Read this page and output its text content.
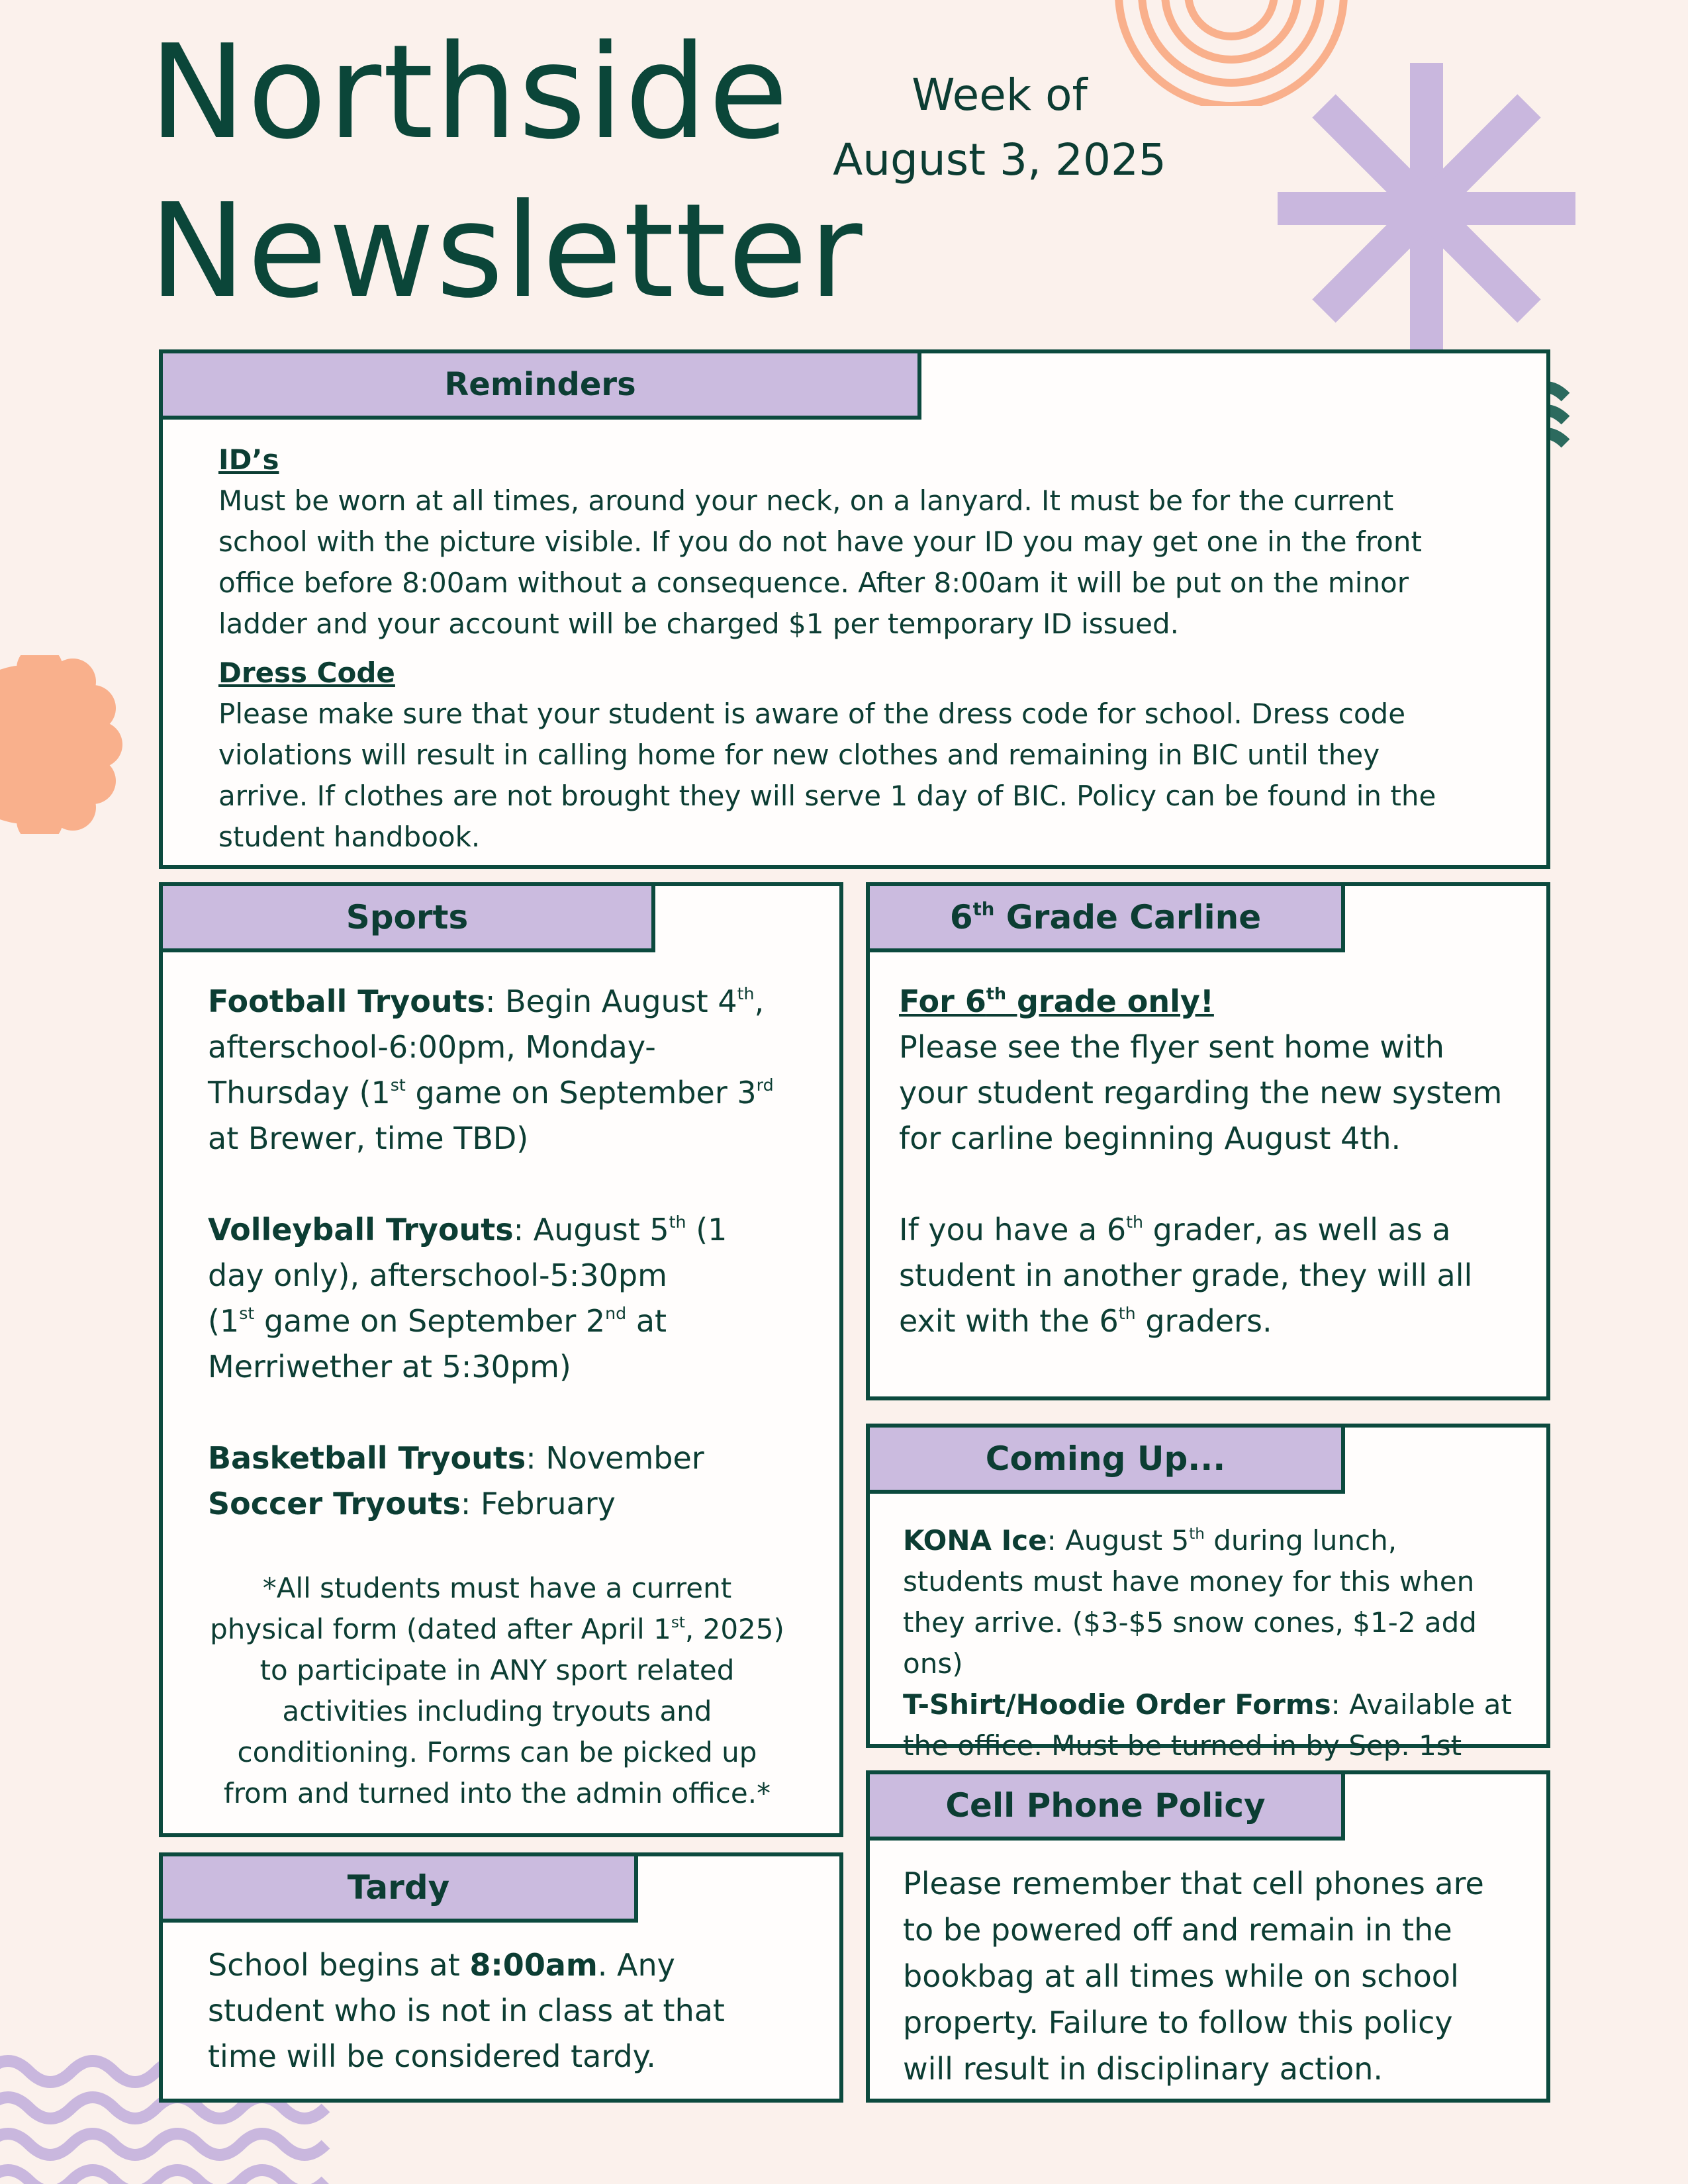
Northside
Newsletter
Week of
August 3, 2025
Reminders

ID’s

Must be worn at all times, around your neck, on a lanyard. It must be for the current school with the picture visible. If you do not have your ID you may get one in the front office before 8:00am without a consequence. After 8:00am it will be put on the minor ladder and your account will be charged $1 per temporary ID issued.

Dress Code

Please make sure that your student is aware of the dress code for school. Dress code violations will result in calling home for new clothes and remaining in BIC until they arrive. If clothes are not brought they will serve 1 day of BIC. Policy can be found in the student handbook.

Sports

Football Tryouts: Begin August 4th, afterschool-6:00pm, Monday-Thursday (1st game on September 3rd at Brewer, time TBD)

Volleyball Tryouts: August 5th (1 day only), afterschool-5:30pm

(1st game on September 2nd at Merriwether at 5:30pm)

Basketball Tryouts: November

Soccer Tryouts: February

*All students must have a current physical form (dated after April 1st, 2025) to participate in ANY sport related activities including tryouts and conditioning. Forms can be picked up from and turned into the admin office.*

6th Grade Carline

For 6th grade only!

Please see the flyer sent home with your student regarding the new system for carline beginning August 4th.

If you have a 6th grader, as well as a student in another grade, they will all exit with the 6th graders.

Coming Up...

KONA Ice: August 5th during lunch, students must have money for this when they arrive. ($3-$5 snow cones, $1-2 add ons)

T-Shirt/Hoodie Order Forms: Available at the office. Must be turned in by Sep. 1st

Tardy

School begins at 8:00am. Any student who is not in class at that time will be considered tardy.

Cell Phone Policy

Please remember that cell phones are to be powered off and remain in the bookbag at all times while on school property. Failure to follow this policy will result in disciplinary action.
